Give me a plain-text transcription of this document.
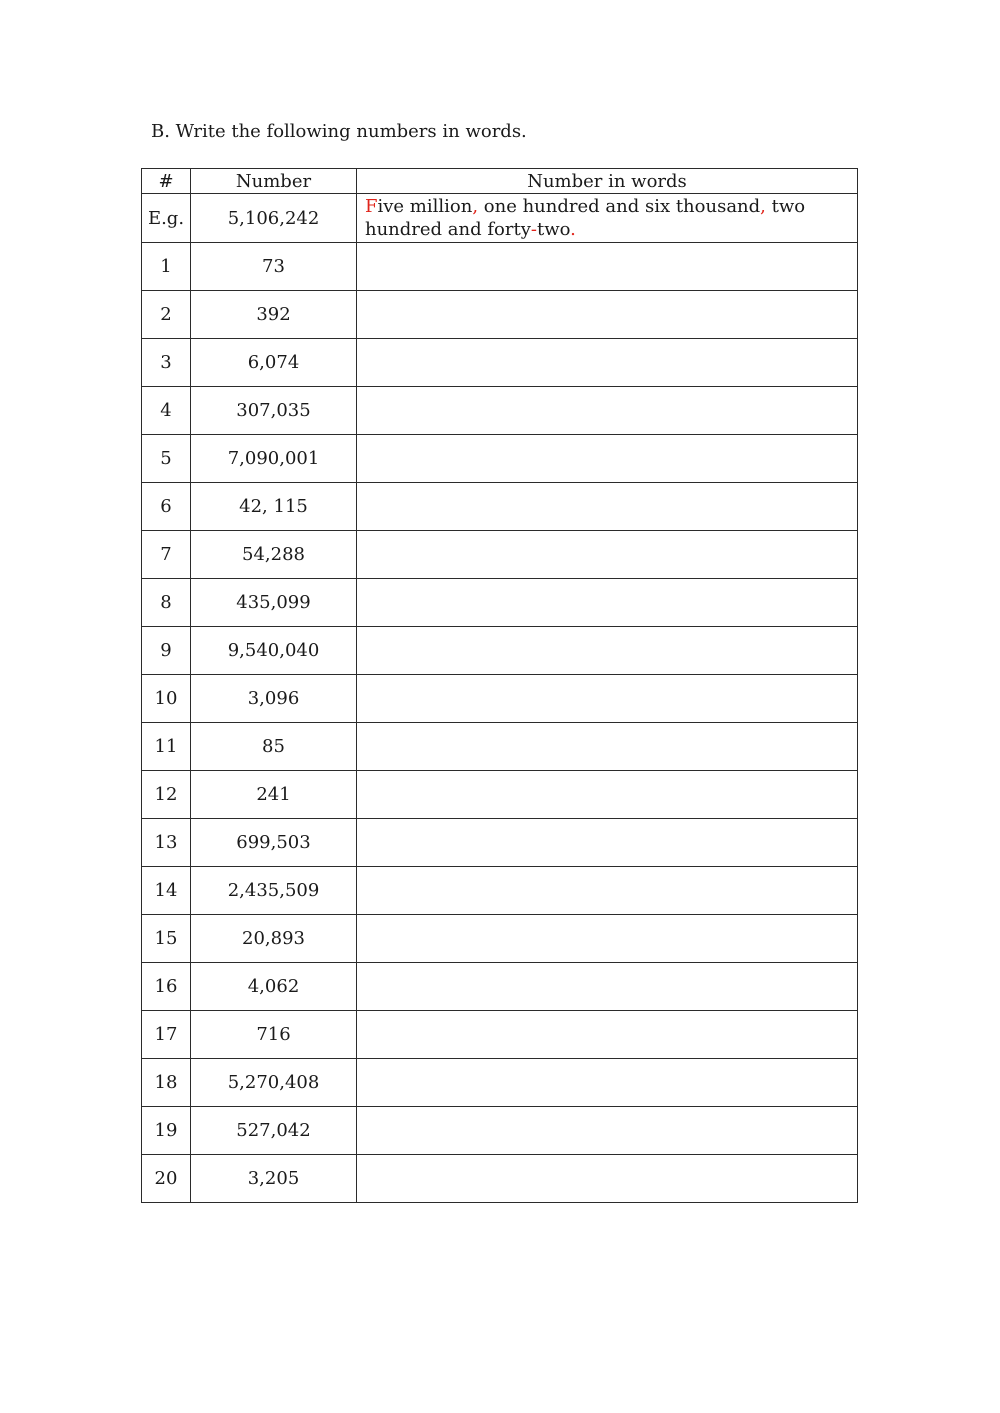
B. Write the following numbers in words.
#	Number	Number in words
E.g.	5,106,242	Five million, one hundred and six thousand, two hundred and forty-two.
1	73	
2	392	
3	6,074	
4	307,035	
5	7,090,001	
6	42, 115	
7	54,288	
8	435,099	
9	9,540,040	
10	3,096	
11	85	
12	241	
13	699,503	
14	2,435,509	
15	20,893	
16	4,062	
17	716	
18	5,270,408	
19	527,042	
20	3,205	
